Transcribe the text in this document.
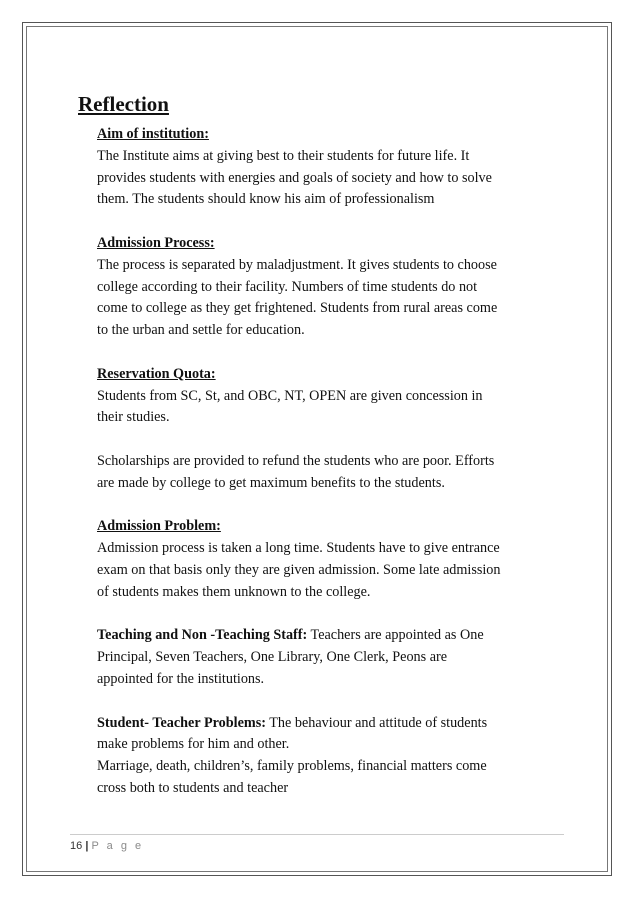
Reflection
Aim of institution:
The Institute aims at giving best to their students for future life. It
provides students with energies and goals of society and how to solve
them. The students should know his aim of professionalism
Admission Process:
The process is separated by maladjustment. It gives students to choose
college according to their facility. Numbers of time students do not
come to college as they get frightened. Students from rural areas come
to the urban and settle for education.
Reservation Quota:
Students from SC, St, and OBC, NT, OPEN are given concession in
their studies.
Scholarships are provided to refund the students who are poor. Efforts
are made by college to get maximum benefits to the students.
Admission Problem:
Admission process is taken a long time. Students have to give entrance
exam on that basis only they are given admission. Some late admission
of students makes them unknown to the college.
Teaching and Non -Teaching Staff: Teachers are appointed as One
Principal, Seven Teachers, One Library, One Clerk, Peons are
appointed for the institutions.
Student- Teacher Problems: The behaviour and attitude of students
make problems for him and other.
Marriage, death, children’s, family problems, financial matters come
cross both to students and teacher
16 | P a g e
